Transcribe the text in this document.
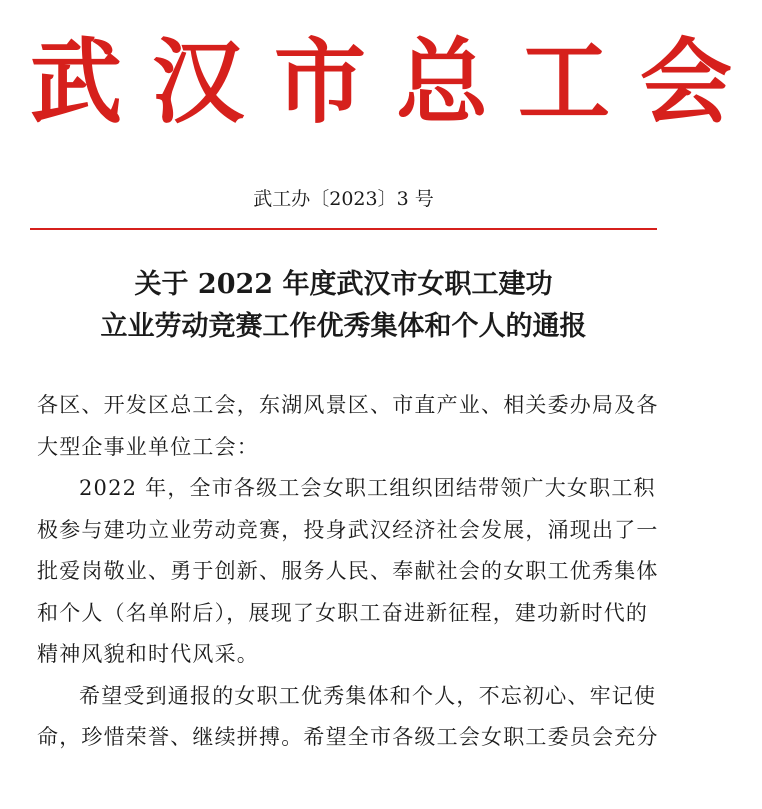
武汉市总工会
武工办〔2023〕3 号
关于 2022 年度武汉市女职工建功
立业劳动竞赛工作优秀集体和个人的通报
各区、开发区总工会，东湖风景区、市直产业、相关委办局及各
大型企事业单位工会：
2022 年，全市各级工会女职工组织团结带领广大女职工积
极参与建功立业劳动竞赛，投身武汉经济社会发展，涌现出了一
批爱岗敬业、勇于创新、服务人民、奉献社会的女职工优秀集体
和个人（名单附后），展现了女职工奋进新征程，建功新时代的
精神风貌和时代风采。
希望受到通报的女职工优秀集体和个人，不忘初心、牢记使
命，珍惜荣誉、继续拼搏。希望全市各级工会女职工委员会充分
